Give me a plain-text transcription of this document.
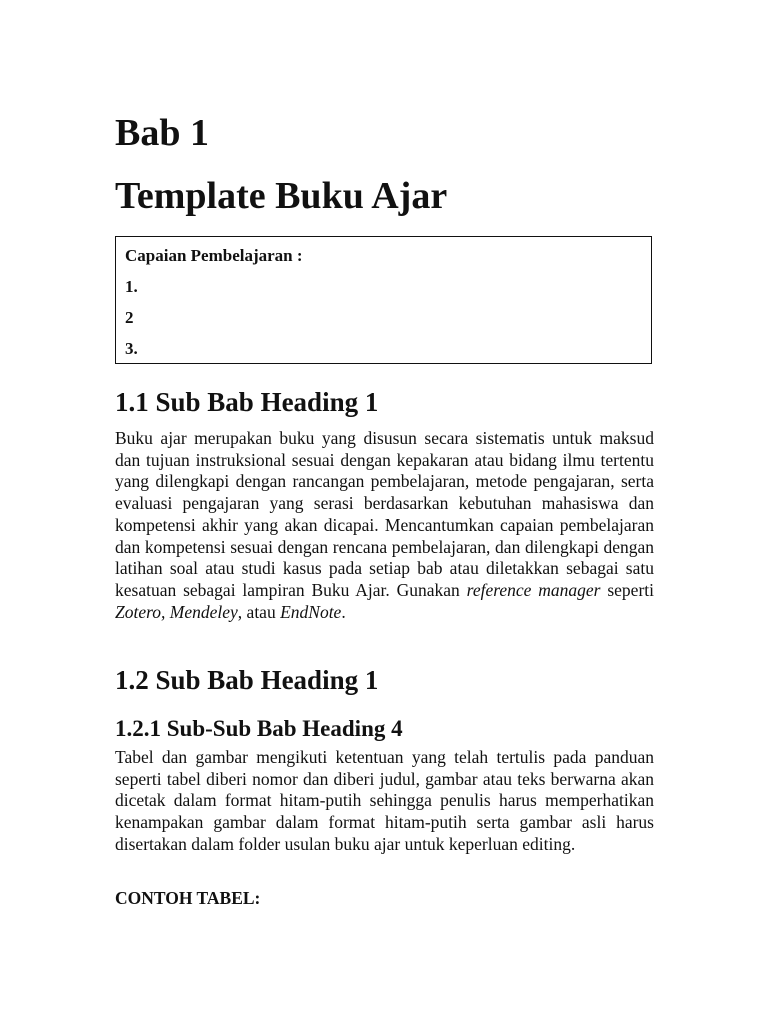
Bab 1
Template Buku Ajar
Capaian Pembelajaran :
1.
2
3.
1.1 Sub Bab Heading 1

Buku ajar merupakan buku yang disusun secara sistematis untuk maksud dan tujuan instruksional sesuai dengan kepakaran atau bidang ilmu tertentu yang dilengkapi dengan rancangan pembelajaran, metode pengajaran, serta evaluasi pengajaran yang serasi berdasarkan kebutuhan mahasiswa dan kompetensi akhir yang akan dicapai. Mencantumkan capaian pembelajaran dan kompetensi sesuai dengan rencana pembelajaran, dan dilengkapi dengan latihan soal atau studi kasus pada setiap bab atau diletakkan sebagai satu kesatuan sebagai lampiran Buku Ajar. Gunakan reference manager seperti Zotero, Mendeley, atau EndNote.

1.2 Sub Bab Heading 1
1.2.1 Sub-Sub Bab Heading 4

Tabel dan gambar mengikuti ketentuan yang telah tertulis pada panduan seperti tabel diberi nomor dan diberi judul, gambar atau teks berwarna akan dicetak dalam format hitam-putih sehingga penulis harus memperhatikan kenampakan gambar dalam format hitam-putih serta gambar asli harus disertakan dalam folder usulan buku ajar untuk keperluan editing.

CONTOH TABEL:
